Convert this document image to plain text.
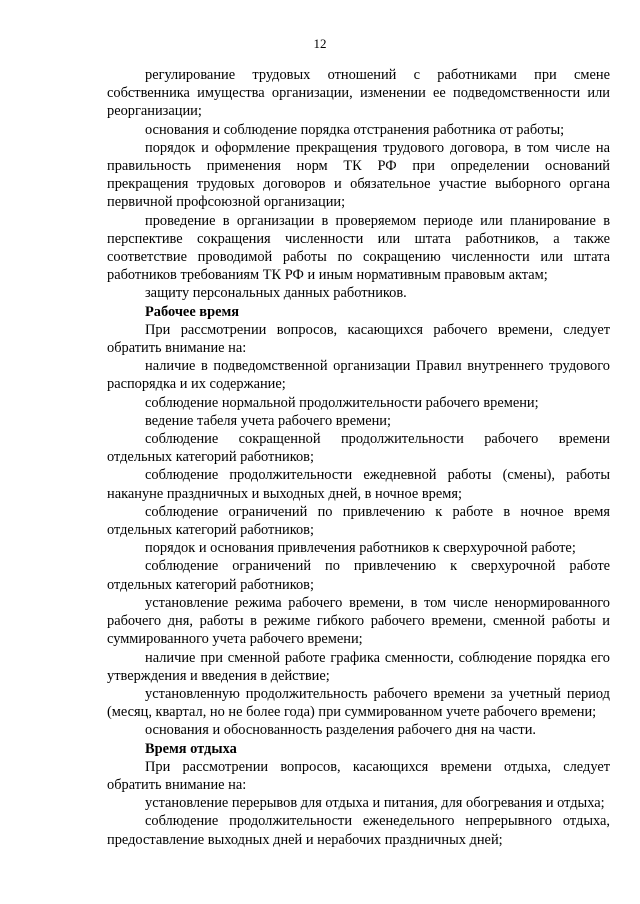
12

регулирование трудовых отношений с работниками при смене собственника имущества организации, изменении ее подведомственности или реорганизации;

основания и соблюдение порядка отстранения работника от работы;

порядок и оформление прекращения трудового договора, в том числе на правильность применения норм ТК РФ при определении оснований прекращения трудовых договоров и обязательное участие выборного органа первичной профсоюзной организации;

проведение в организации в проверяемом периоде или планирование в перспективе сокращения численности или штата работников, а также соответствие проводимой работы по сокращению численности или штата работников требованиям ТК РФ и иным нормативным правовым актам;

защиту персональных данных работников.

Рабочее время

При рассмотрении вопросов, касающихся рабочего времени, следует обратить внимание на:

наличие в подведомственной организации Правил внутреннего трудового распорядка и их содержание;

соблюдение нормальной продолжительности рабочего времени;

ведение табеля учета рабочего времени;

соблюдение сокращенной продолжительности рабочего времени отдельных категорий работников;

соблюдение продолжительности ежедневной работы (смены), работы накануне праздничных и выходных дней, в ночное время;

соблюдение ограничений по привлечению к работе в ночное время отдельных категорий работников;

порядок и основания привлечения работников к сверхурочной работе;

соблюдение ограничений по привлечению к сверхурочной работе отдельных категорий работников;

установление режима рабочего времени, в том числе ненормированного рабочего дня, работы в режиме гибкого рабочего времени, сменной работы и суммированного учета рабочего времени;

наличие при сменной работе графика сменности, соблюдение порядка его утверждения и введения в действие;

установленную продолжительность рабочего времени за учетный период (месяц, квартал, но не более года) при суммированном учете рабочего времени;

основания и обоснованность разделения рабочего дня на части.

Время отдыха

При рассмотрении вопросов, касающихся времени отдыха, следует обратить внимание на:

установление перерывов для отдыха и питания, для обогревания и отдыха;

соблюдение продолжительности еженедельного непрерывного отдыха, предоставление выходных дней и нерабочих праздничных дней;
